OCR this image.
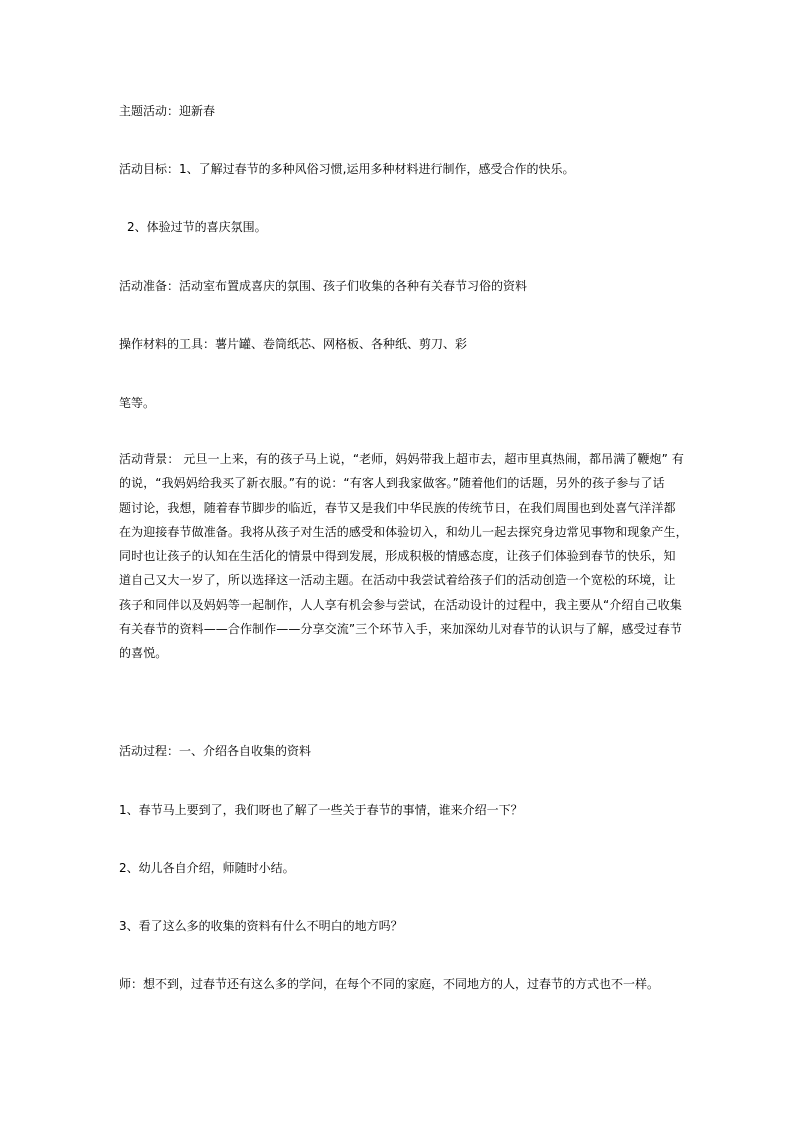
主题活动：迎新春

活动目标：1、了解过春节的多种风俗习惯,运用多种材料进行制作，感受合作的快乐。

2、体验过节的喜庆氛围。

活动准备：活动室布置成喜庆的氛围、孩子们收集的各种有关春节习俗的资料

操作材料的工具：薯片罐、卷筒纸芯、网格板、各种纸、剪刀、彩

笔等。

活动背景： 元旦一上来，有的孩子马上说，“老师，妈妈带我上超市去，超市里真热闹，都吊满了鞭炮” 有
的说，“我妈妈给我买了新衣服。”有的说：“有客人到我家做客。”随着他们的话题，另外的孩子参与了话
题讨论，我想，随着春节脚步的临近，春节又是我们中华民族的传统节日，在我们周围也到处喜气洋洋都
在为迎接春节做准备。我将从孩子对生活的感受和体验切入，和幼儿一起去探究身边常见事物和现象产生，
同时也让孩子的认知在生活化的情景中得到发展，形成积极的情感态度，让孩子们体验到春节的快乐，知
道自己又大一岁了，所以选择这一活动主题。在活动中我尝试着给孩子们的活动创造一个宽松的环境，让
孩子和同伴以及妈妈等一起制作，人人享有机会参与尝试，在活动设计的过程中，我主要从“介绍自己收集
有关春节的资料——合作制作——分享交流”三个环节入手，来加深幼儿对春节的认识与了解，感受过春节
的喜悦。

活动过程：一、介绍各自收集的资料

1、春节马上要到了，我们呀也了解了一些关于春节的事情，谁来介绍一下？

2、幼儿各自介绍，师随时小结。

3、看了这么多的收集的资料有什么不明白的地方吗？

师：想不到，过春节还有这么多的学问，在每个不同的家庭，不同地方的人，过春节的方式也不一样。
